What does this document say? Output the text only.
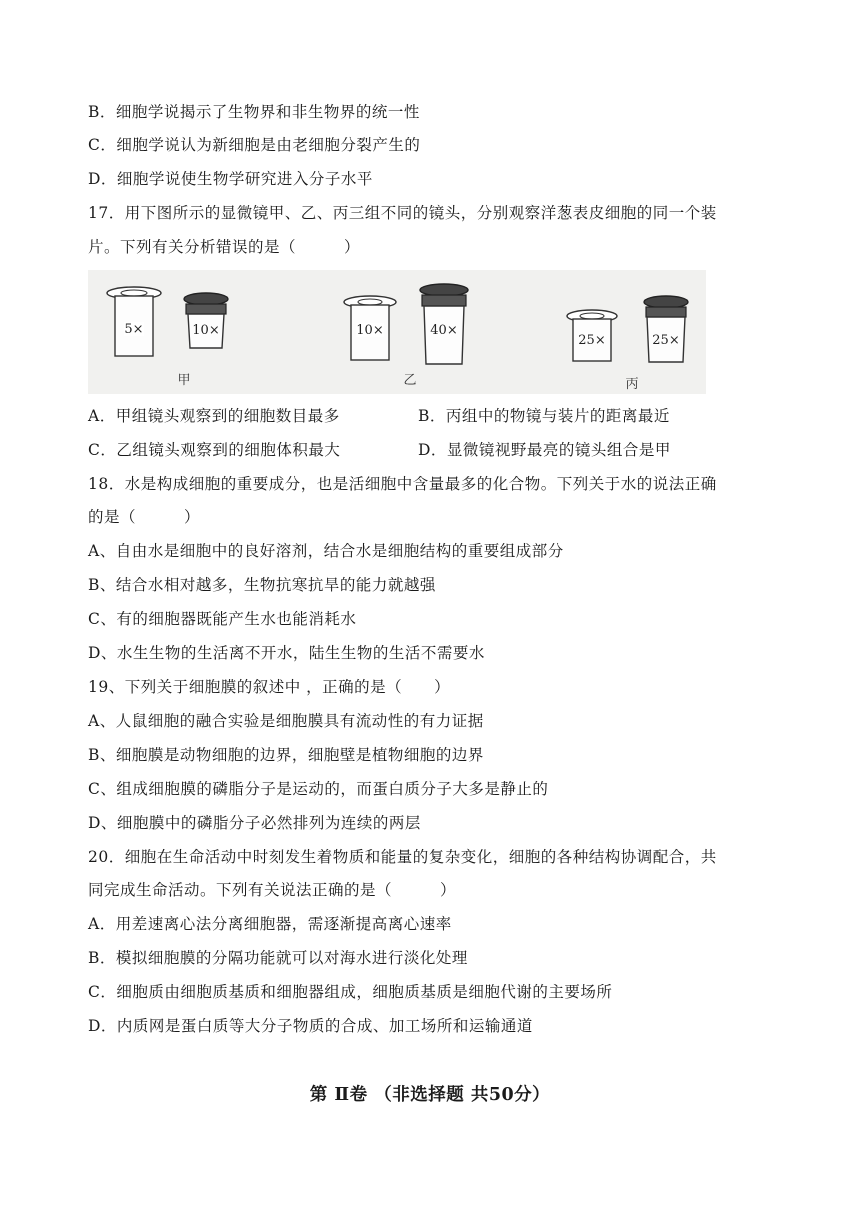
B．细胞学说揭示了生物界和非生物界的统一性
C．细胞学说认为新细胞是由老细胞分裂产生的
D．细胞学说使生物学研究进入分子水平
17．用下图所示的显微镜甲、乙、丙三组不同的镜头，分别观察洋葱表皮细胞的同一个装
片。下列有关分析错误的是（　　　）
5×	10×
甲
10×	40×
乙
25×	25×
丙
A．甲组镜头观察到的细胞数目最多	B．丙组中的物镜与装片的距离最近
C．乙组镜头观察到的细胞体积最大	D．显微镜视野最亮的镜头组合是甲
18．水是构成细胞的重要成分，也是活细胞中含量最多的化合物。下列关于水的说法正确
的是（　　　）
A、自由水是细胞中的良好溶剂，结合水是细胞结构的重要组成部分
B、结合水相对越多，生物抗寒抗旱的能力就越强
C、有的细胞器既能产生水也能消耗水
D、水生生物的生活离不开水，陆生生物的生活不需要水
19、下列关于细胞膜的叙述中 ，正确的是（　　）
A、人鼠细胞的融合实验是细胞膜具有流动性的有力证据
B、细胞膜是动物细胞的边界，细胞壁是植物细胞的边界
C、组成细胞膜的磷脂分子是运动的，而蛋白质分子大多是静止的
D、细胞膜中的磷脂分子必然排列为连续的两层
20．细胞在生命活动中时刻发生着物质和能量的复杂变化，细胞的各种结构协调配合，共
同完成生命活动。下列有关说法正确的是（　　　）
A．用差速离心法分离细胞器，需逐渐提高离心速率
B．模拟细胞膜的分隔功能就可以对海水进行淡化处理
C．细胞质由细胞质基质和细胞器组成，细胞质基质是细胞代谢的主要场所
D．内质网是蛋白质等大分子物质的合成、加工场所和运输通道
第 Ⅱ卷 （非选择题 共50分）
